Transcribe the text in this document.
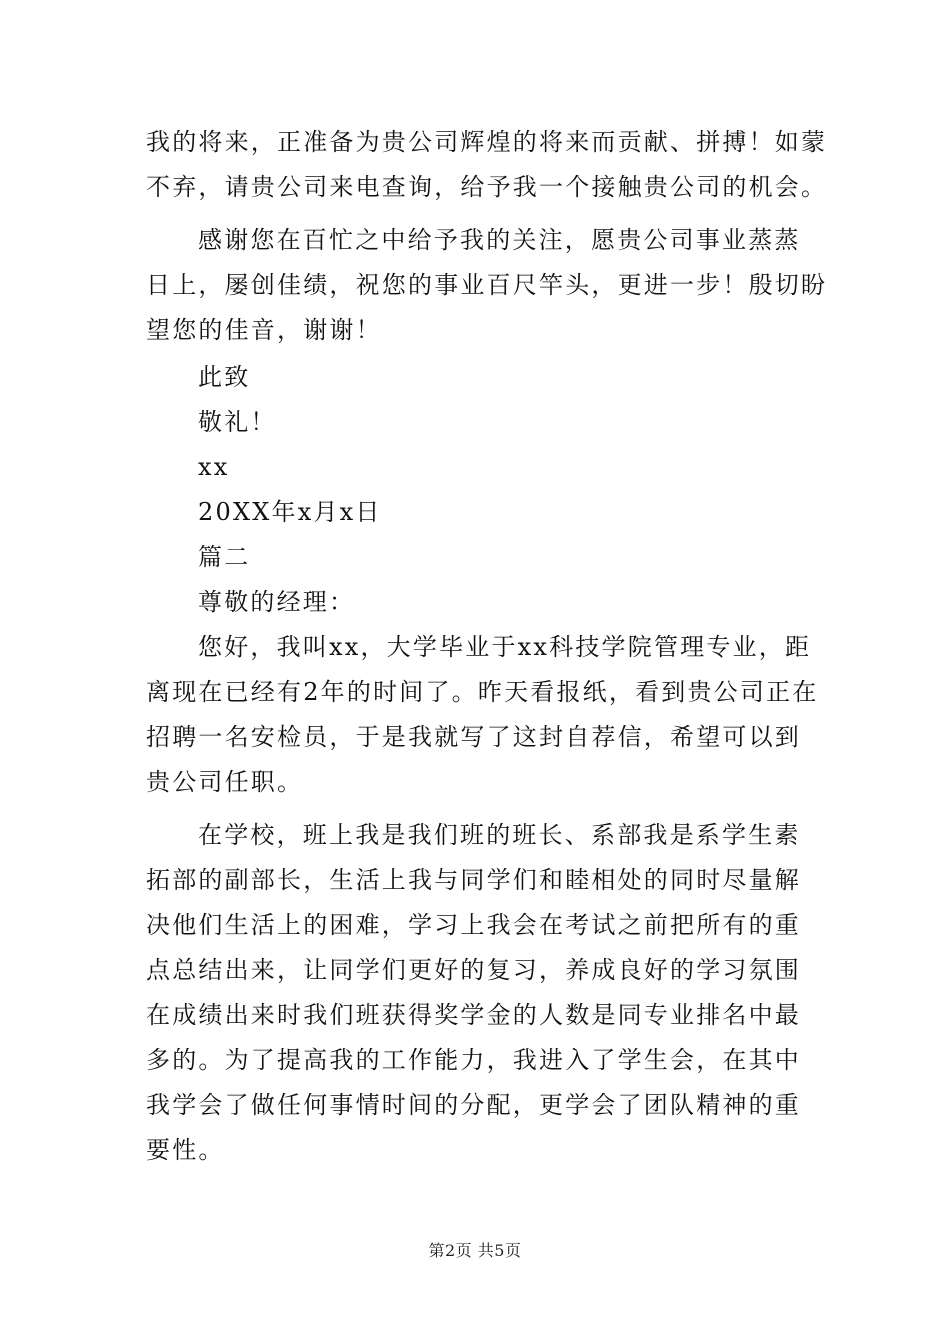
我的将来，正准备为贵公司辉煌的将来而贡献、拼搏！如蒙
不弃，请贵公司来电查询，给予我一个接触贵公司的机会。
感谢您在百忙之中给予我的关注，愿贵公司事业蒸蒸
日上，屡创佳绩，祝您的事业百尺竿头，更进一步！殷切盼
望您的佳音，谢谢！
此致
敬礼！
xx
20XX年x月x日
篇二
尊敬的经理：
您好，我叫xx，大学毕业于xx科技学院管理专业，距
离现在已经有2年的时间了。昨天看报纸，看到贵公司正在
招聘一名安检员，于是我就写了这封自荐信，希望可以到
贵公司任职。
在学校，班上我是我们班的班长、系部我是系学生素
拓部的副部长，生活上我与同学们和睦相处的同时尽量解
决他们生活上的困难，学习上我会在考试之前把所有的重
点总结出来，让同学们更好的复习，养成良好的学习氛围
在成绩出来时我们班获得奖学金的人数是同专业排名中最
多的。为了提高我的工作能力，我进入了学生会，在其中
我学会了做任何事情时间的分配，更学会了团队精神的重
要性。
第2页 共5页
